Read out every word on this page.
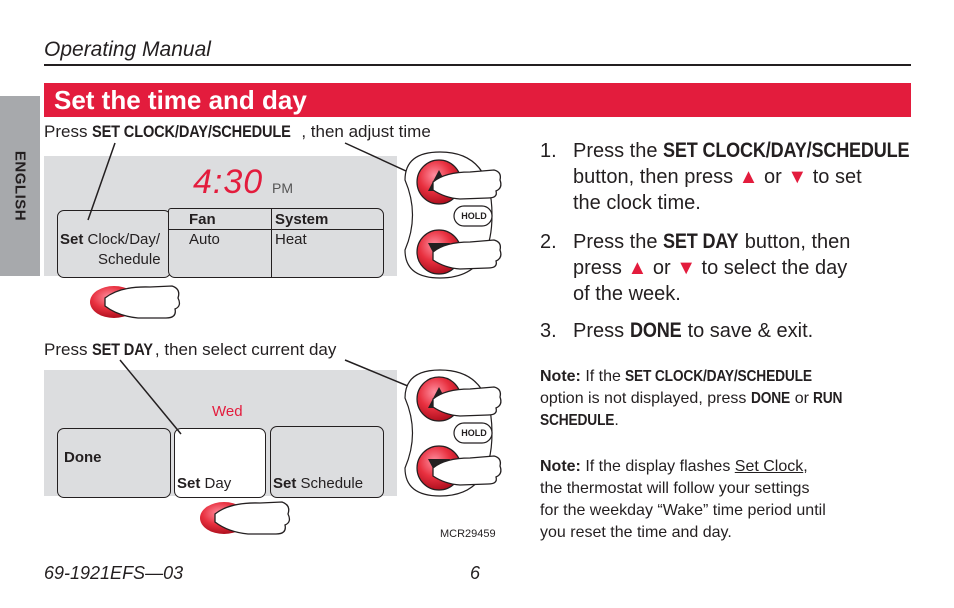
Operating Manual
ENGLISH
Set the time and day
Press SET CLOCK/DAY/SCHEDULE , then adjust time
4:30 PM
Set Clock/Day/
Schedule
Fan
Auto
System
Heat
HOLD
Press SET DAY , then select current day
Wed
Done
Set Day	Set Schedule
HOLD
MCR29459
1. Press the SET CLOCK/DAY/SCHEDULE
button, then press ▲ or ▼ to set
the clock time.
2. Press the SET DAY button, then
press ▲ or ▼ to select the day
of the week.
3. Press DONE to save & exit.
Note: If the SET CLOCK/DAY/SCHEDULE
option is not displayed, press DONE or RUN
SCHEDULE.
Note: If the display flashes Set Clock,
the thermostat will follow your settings
for the weekday “Wake” time period until
you reset the time and day.
69-1921EFS—03	6
